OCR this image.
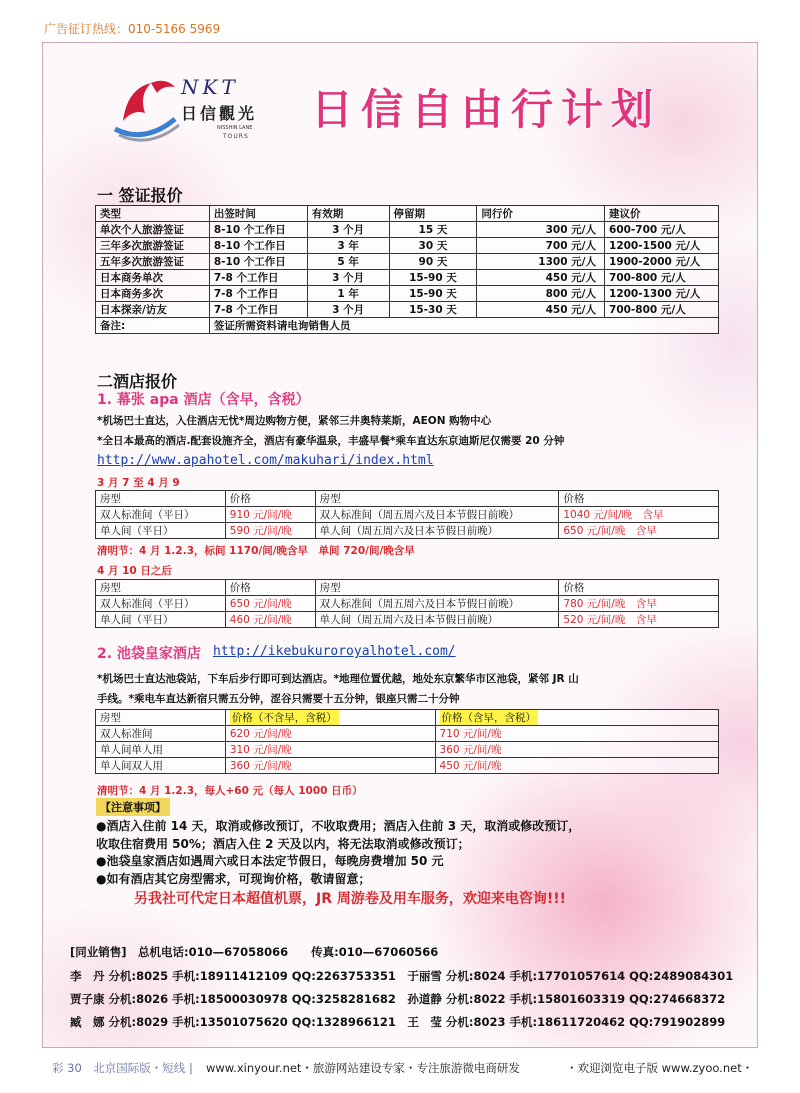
广告征订热线：010-5166 5969
NKT
日信觀光
NISSHIN LANE
TOURS
日信自由行计划
一 签证报价
类型	出签时间	有效期	停留期	同行价	建议价
单次个人旅游签证	8-10 个工作日	3 个月	15 天	300 元/人	600-700 元/人
三年多次旅游签证	8-10 个工作日	3 年	30 天	700 元/人	1200-1500 元/人
五年多次旅游签证	8-10 个工作日	5 年	90 天	1300 元/人	1900-2000 元/人
日本商务单次	7-8 个工作日	3 个月	15-90 天	450 元/人	700-800 元/人
日本商务多次	7-8 个工作日	1 年	15-90 天	800 元/人	1200-1300 元/人
日本探亲/访友	7-8 个工作日	3 个月	15-30 天	450 元/人	700-800 元/人
备注:	签证所需资料请电询销售人员				
二酒店报价
1. 幕张 apa 酒店（含早，含税）
*机场巴士直达，入住酒店无忧*周边购物方便，紧邻三井奥特莱斯，AEON 购物中心
*全日本最高的酒店.配套设施齐全，酒店有豪华温泉，丰盛早餐*乘车直达东京迪斯尼仅需要 20 分钟
http://www.apahotel.com/makuhari/index.html
3 月 7 至 4 月 9
房型	价格	房型	价格
双人标准间（平日）	910 元/间/晚	双人标准间（周五周六及日本节假日前晚）	1040 元/间/晚　含早
单人间（平日）	590 元/间/晚	单人间（周五周六及日本节假日前晚）	650 元/间/晚　含早
清明节：4 月 1.2.3，标间 1170/间/晚含早　单间 720/间/晚含早
4 月 10 日之后
房型	价格	房型	价格
双人标准间（平日）	650 元/间/晚	双人标准间（周五周六及日本节假日前晚）	780 元/间/晚　含早
单人间（平日）	460 元/间/晚	单人间（周五周六及日本节假日前晚）	520 元/间/晚　含早
2. 池袋皇家酒店 http://ikebukuroroyalhotel.com/
*机场巴士直达池袋站，下车后步行即可到达酒店。*地理位置优越，地处东京繁华市区池袋，紧邻 JR 山
手线。*乘电车直达新宿只需五分钟，涩谷只需要十五分钟，银座只需二十分钟
房型	价格（不含早，含税）	价格（含早，含税）
双人标准间	620 元/间/晚	710 元/间/晚
单人间单人用	310 元/间/晚	360 元/间/晚
单人间双人用	360 元/间/晚	450 元/间/晚
清明节：4 月 1.2.3，每人+60 元（每人 1000 日币）
【注意事项】
●酒店入住前 14 天，取消或修改预订，不收取费用；酒店入住前 3 天，取消或修改预订，
收取住宿费用 50%；酒店入住 2 天及以内，将无法取消或修改预订；
●池袋皇家酒店如遇周六或日本法定节假日，每晚房费增加 50 元
●如有酒店其它房型需求，可现询价格，敬请留意；
另我社可代定日本超值机票，JR 周游卷及用车服务，欢迎来电咨询!!!
[同业销售]　总机电话:010—67058066　　传真:010—67060566
李　丹 分机:8025 手机:18911412109 QQ:2263753351　于丽雪 分机:8024 手机:17701057614 QQ:2489084301
贾子康 分机:8026 手机:18500030978 QQ:3258281682　孙道静 分机:8022 手机:15801603319 QQ:274668372
臧　娜 分机:8029 手机:13501075620 QQ:1328966121　王　莹 分机:8023 手机:18611720462 QQ:791902899
彩 30　北京国际版・短线 | www.xinyour.net・旅游网站建设专家・专注旅游微电商研发	・欢迎浏览电子版 www.zyoo.net・
